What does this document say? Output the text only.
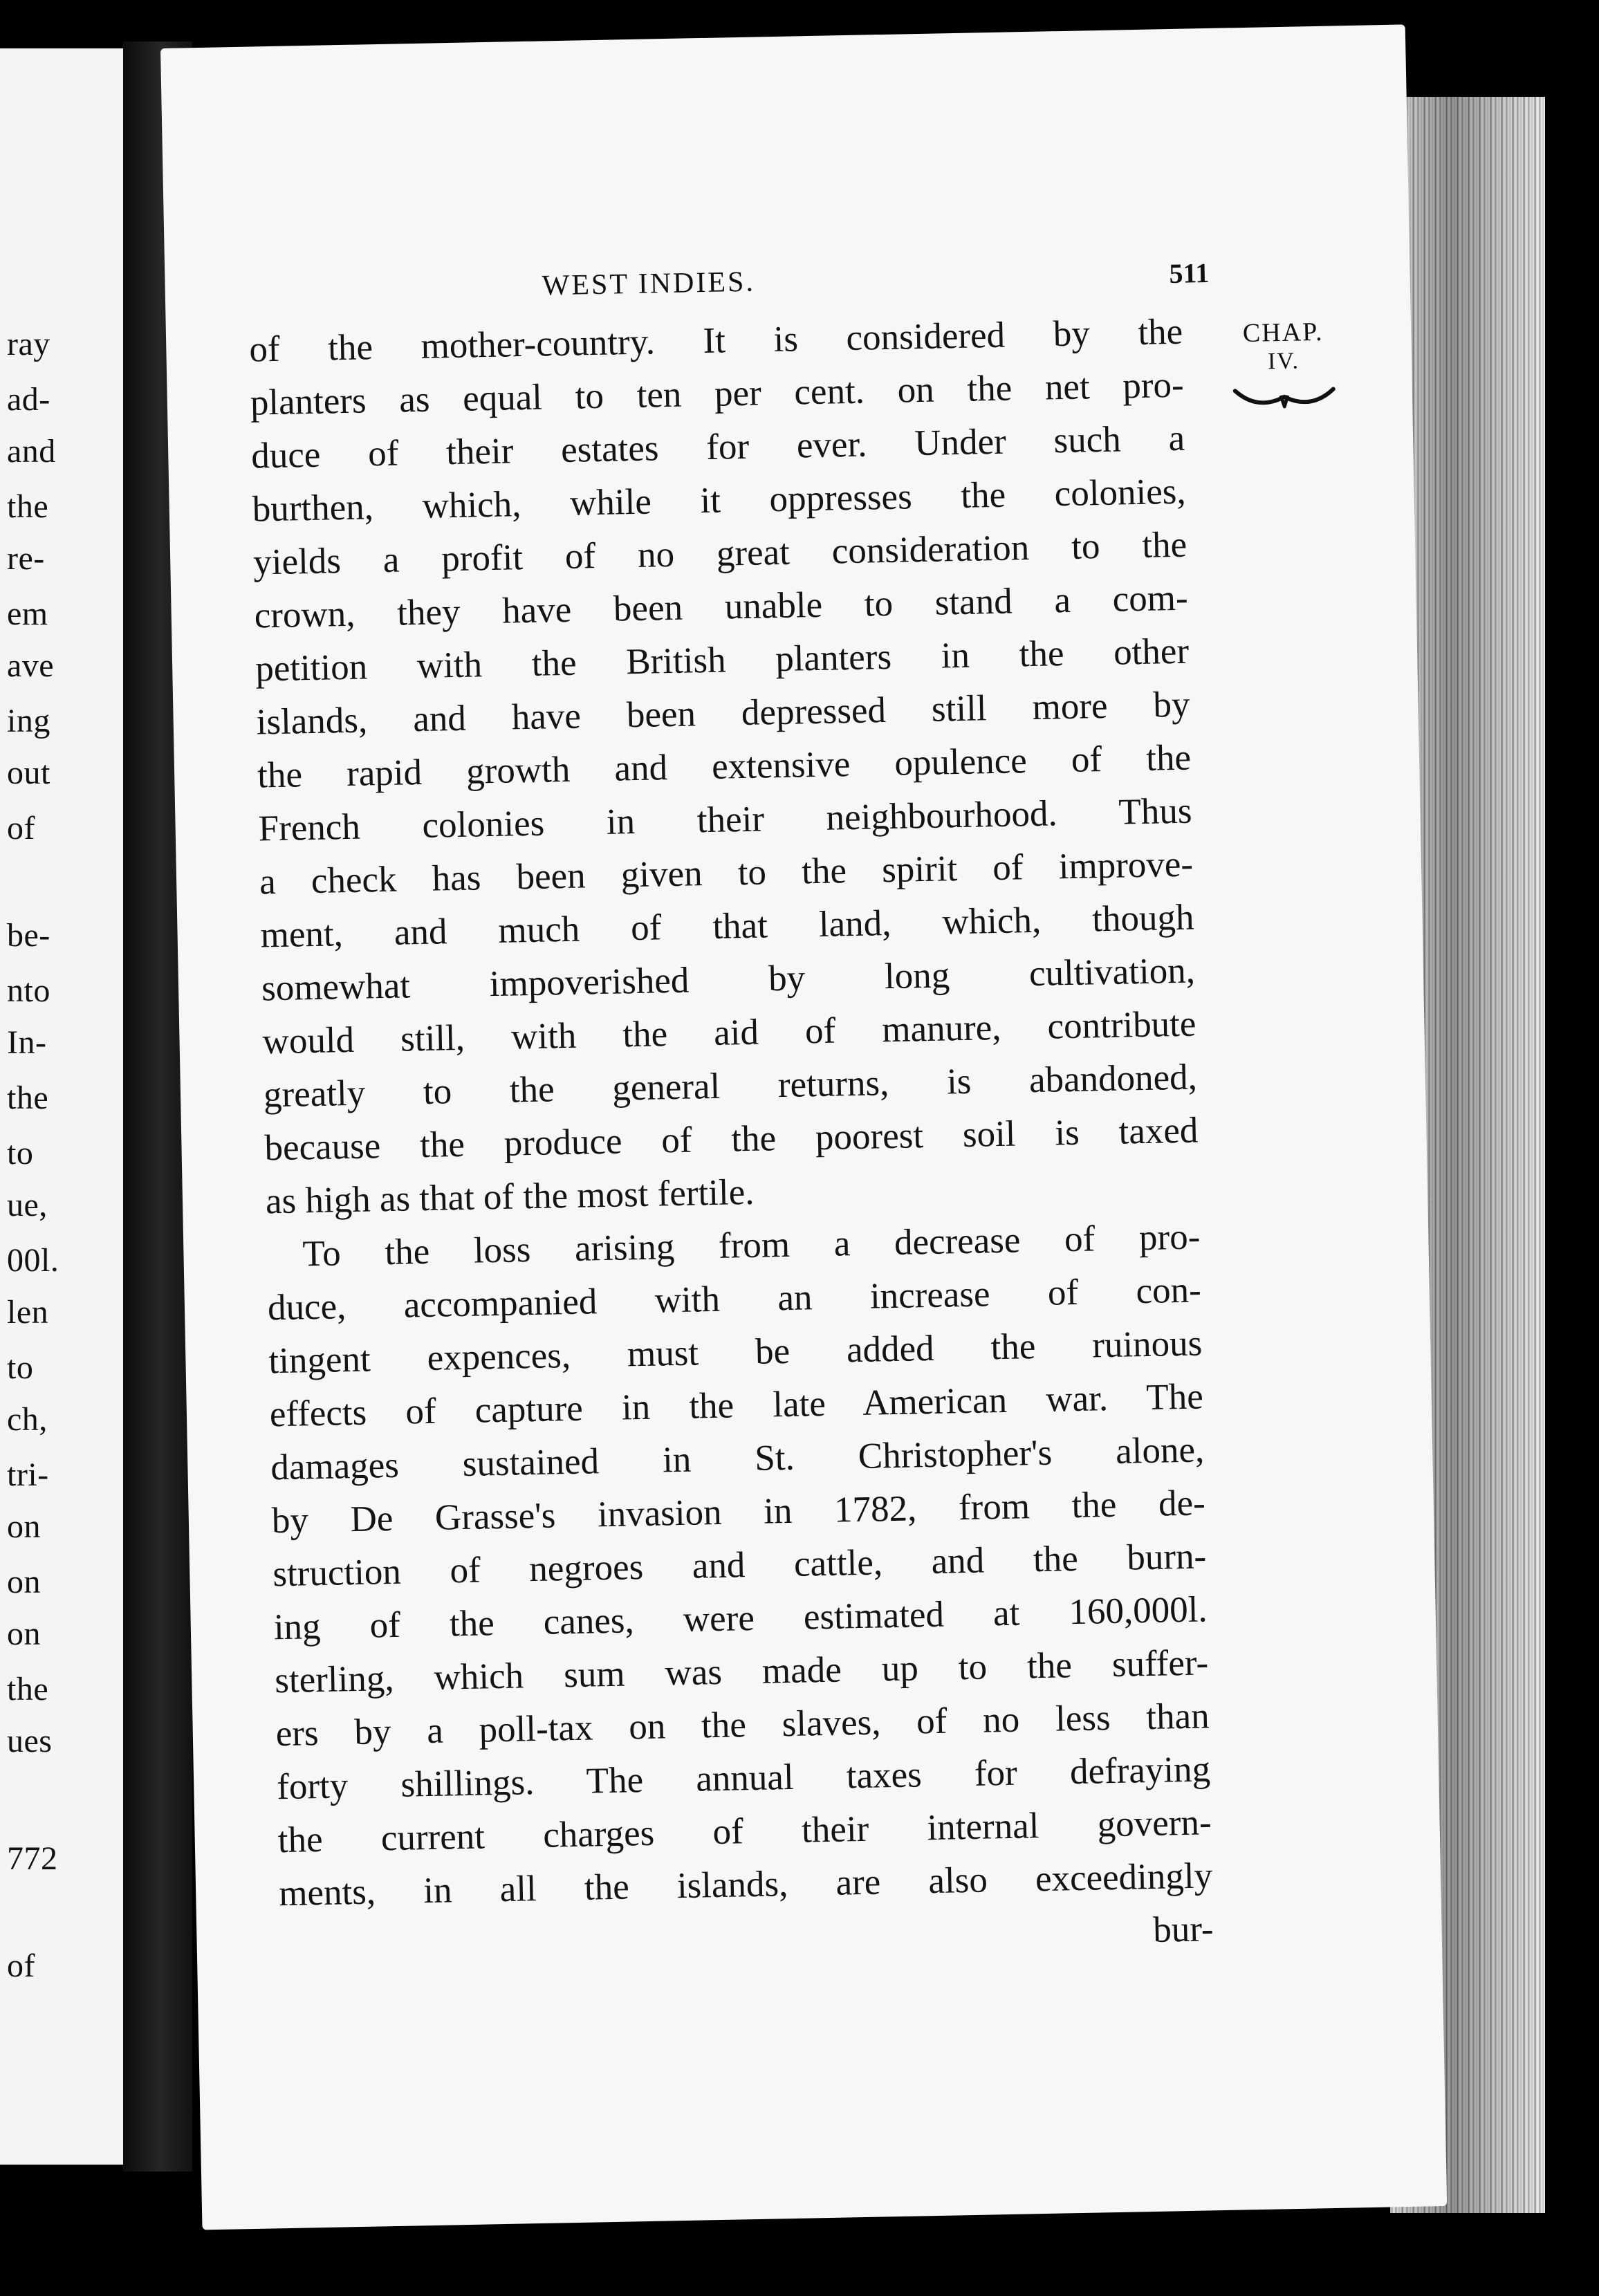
ray
ad-
and
the
re-
em
ave
ing
out
of
be-
nto
In-
the
to
ue,
00l.
len
to
ch,
tri-
on
on
on
the
ues
772
of
WEST INDIES.	511
CHAP.
IV.
of the mother-country. It is considered by the
planters as equal to ten per cent. on the net pro-
duce of their estates for ever. Under such a
burthen, which, while it oppresses the colonies,
yields a profit of no great consideration to the
crown, they have been unable to stand a com-
petition with the British planters in the other
islands, and have been depressed still more by
the rapid growth and extensive opulence of the
French colonies in their neighbourhood. Thus
a check has been given to the spirit of improve-
ment, and much of that land, which, though
somewhat impoverished by long cultivation,
would still, with the aid of manure, contribute
greatly to the general returns, is abandoned,
because the produce of the poorest soil is taxed
as high as that of the most fertile.
To the loss arising from a decrease of pro-
duce, accompanied with an increase of con-
tingent expences, must be added the ruinous
effects of capture in the late American war. The
damages sustained in St. Christopher's alone,
by De Grasse's invasion in 1782, from the de-
struction of negroes and cattle, and the burn-
ing of the canes, were estimated at 160,000l.
sterling, which sum was made up to the suffer-
ers by a poll-tax on the slaves, of no less than
forty shillings. The annual taxes for defraying
the current charges of their internal govern-
ments, in all the islands, are also exceedingly
bur-
